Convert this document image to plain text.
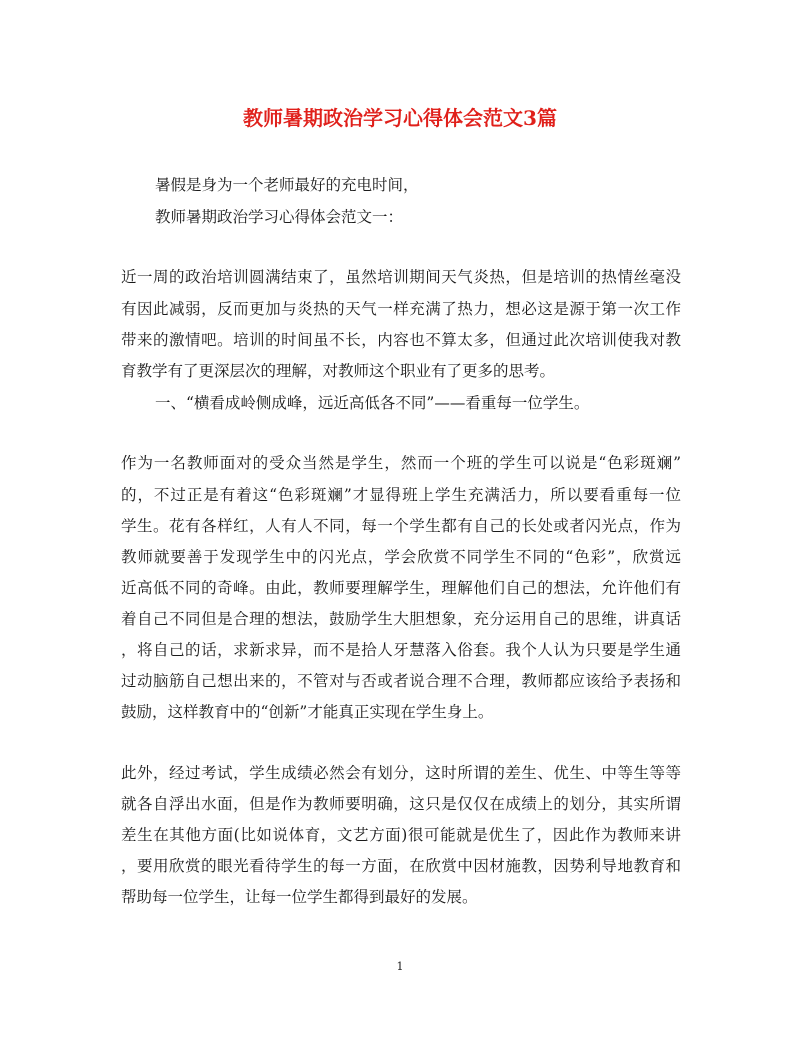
教师暑期政治学习心得体会范文3篇

暑假是身为一个老师最好的充电时间，

教师暑期政治学习心得体会范文一：

近一周的政治培训圆满结束了，虽然培训期间天气炎热，但是培训的热情丝毫没

有因此减弱，反而更加与炎热的天气一样充满了热力，想必这是源于第一次工作

带来的激情吧。培训的时间虽不长，内容也不算太多，但通过此次培训使我对教

育教学有了更深层次的理解，对教师这个职业有了更多的思考。

一、“横看成岭侧成峰，远近高低各不同”——看重每一位学生。

作为一名教师面对的受众当然是学生，然而一个班的学生可以说是“色彩斑斓”

的，不过正是有着这“色彩斑斓”才显得班上学生充满活力，所以要看重每一位

学生。花有各样红，人有人不同，每一个学生都有自己的长处或者闪光点，作为

教师就要善于发现学生中的闪光点，学会欣赏不同学生不同的“色彩”，欣赏远

近高低不同的奇峰。由此，教师要理解学生，理解他们自己的想法，允许他们有

着自己不同但是合理的想法，鼓励学生大胆想象，充分运用自己的思维，讲真话

，将自己的话，求新求异，而不是拾人牙慧落入俗套。我个人认为只要是学生通

过动脑筋自己想出来的，不管对与否或者说合理不合理，教师都应该给予表扬和

鼓励，这样教育中的“创新”才能真正实现在学生身上。

此外，经过考试，学生成绩必然会有划分，这时所谓的差生、优生、中等生等等

就各自浮出水面，但是作为教师要明确，这只是仅仅在成绩上的划分，其实所谓

差生在其他方面(比如说体育，文艺方面)很可能就是优生了，因此作为教师来讲

，要用欣赏的眼光看待学生的每一方面，在欣赏中因材施教，因势利导地教育和

帮助每一位学生，让每一位学生都得到最好的发展。

1
